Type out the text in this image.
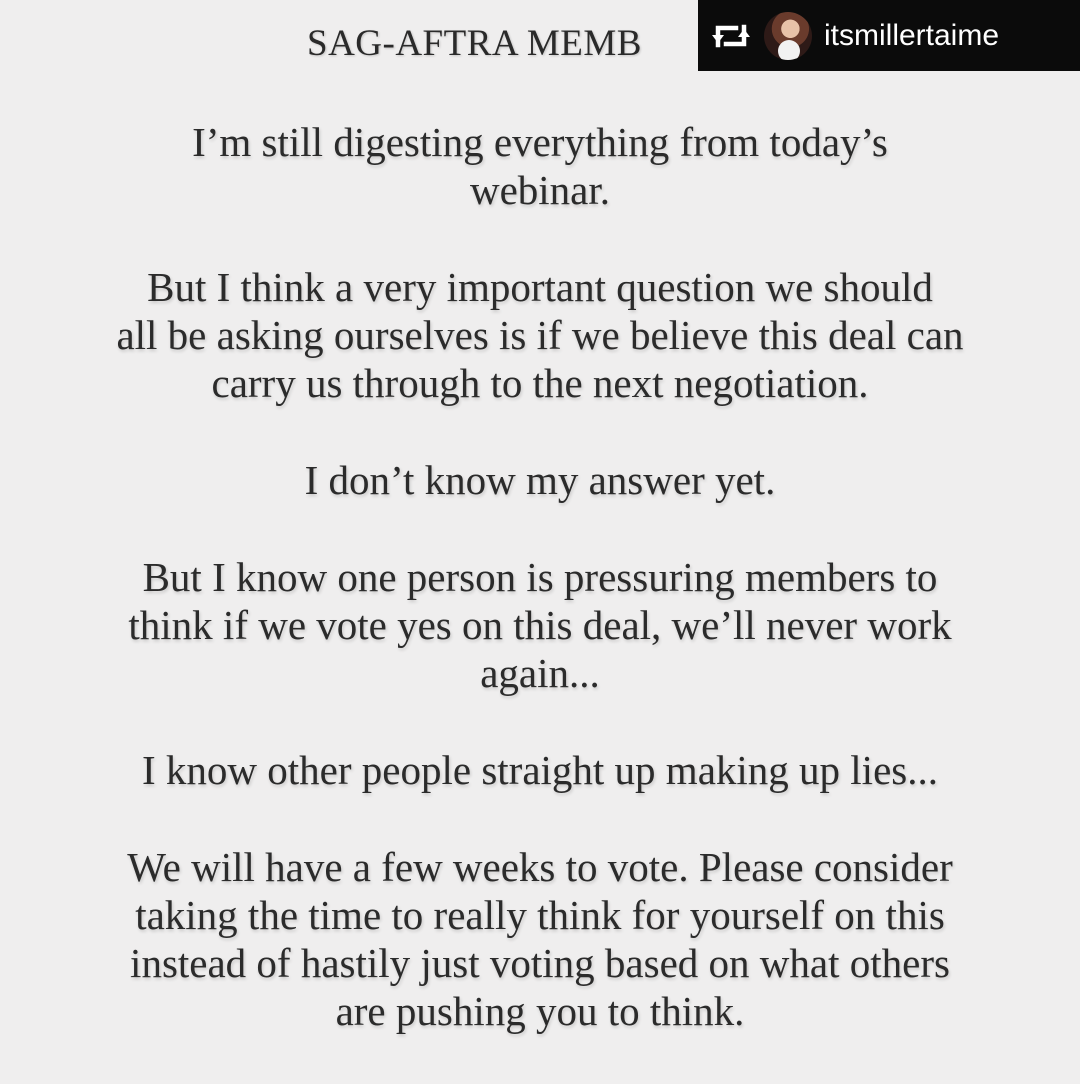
SAG-AFTRA MEMB

I’m still digesting everything from today’s
webinar.

But I think a very important question we should
all be asking ourselves is if we believe this deal can
carry us through to the next negotiation.

I don’t know my answer yet.

But I know one person is pressuring members to
think if we vote yes on this deal, we’ll never work
again...

I know other people straight up making up lies...

We will have a few weeks to vote. Please consider
taking the time to really think for yourself on this
instead of hastily just voting based on what others
are pushing you to think.

itsmillertaime
